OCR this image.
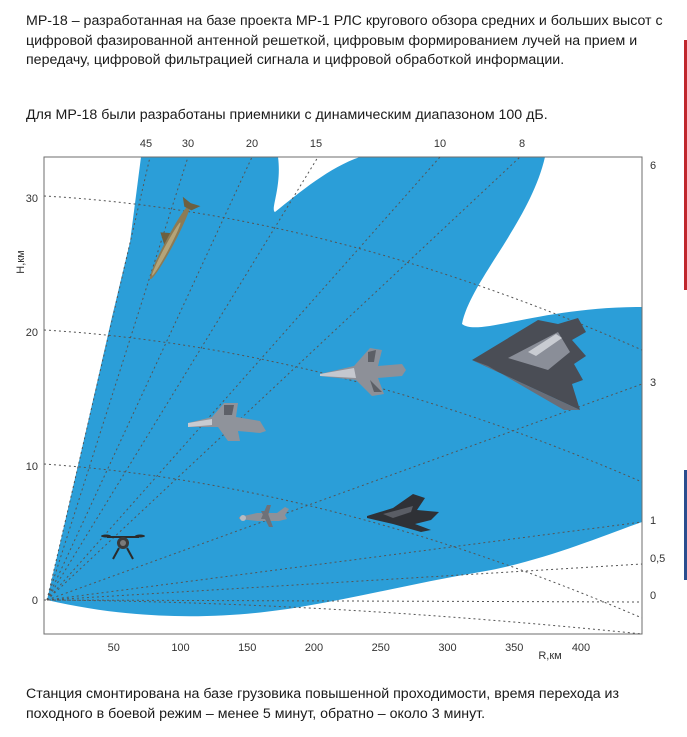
МР-18 – разработанная на базе проекта МР-1 РЛС кругового обзора средних и больших высот с цифровой фазированной антенной решеткой, цифровым формированием лучей на прием и передачу, цифровой фильтрацией сигнала и цифровой обработкой информации.

Для МР-18 были разработаны приемники с динамическим диапазоном 100 дБ.

50	100	150	200	250	300	350	400
0
10
20
30
45	30	20	15	10	8
6
3
1
0,5
0
H,км
R,км

Станция смонтирована на базе грузовика повышенной проходимости, время перехода из походного в боевой режим – менее 5 минут, обратно – около 3 минут.
